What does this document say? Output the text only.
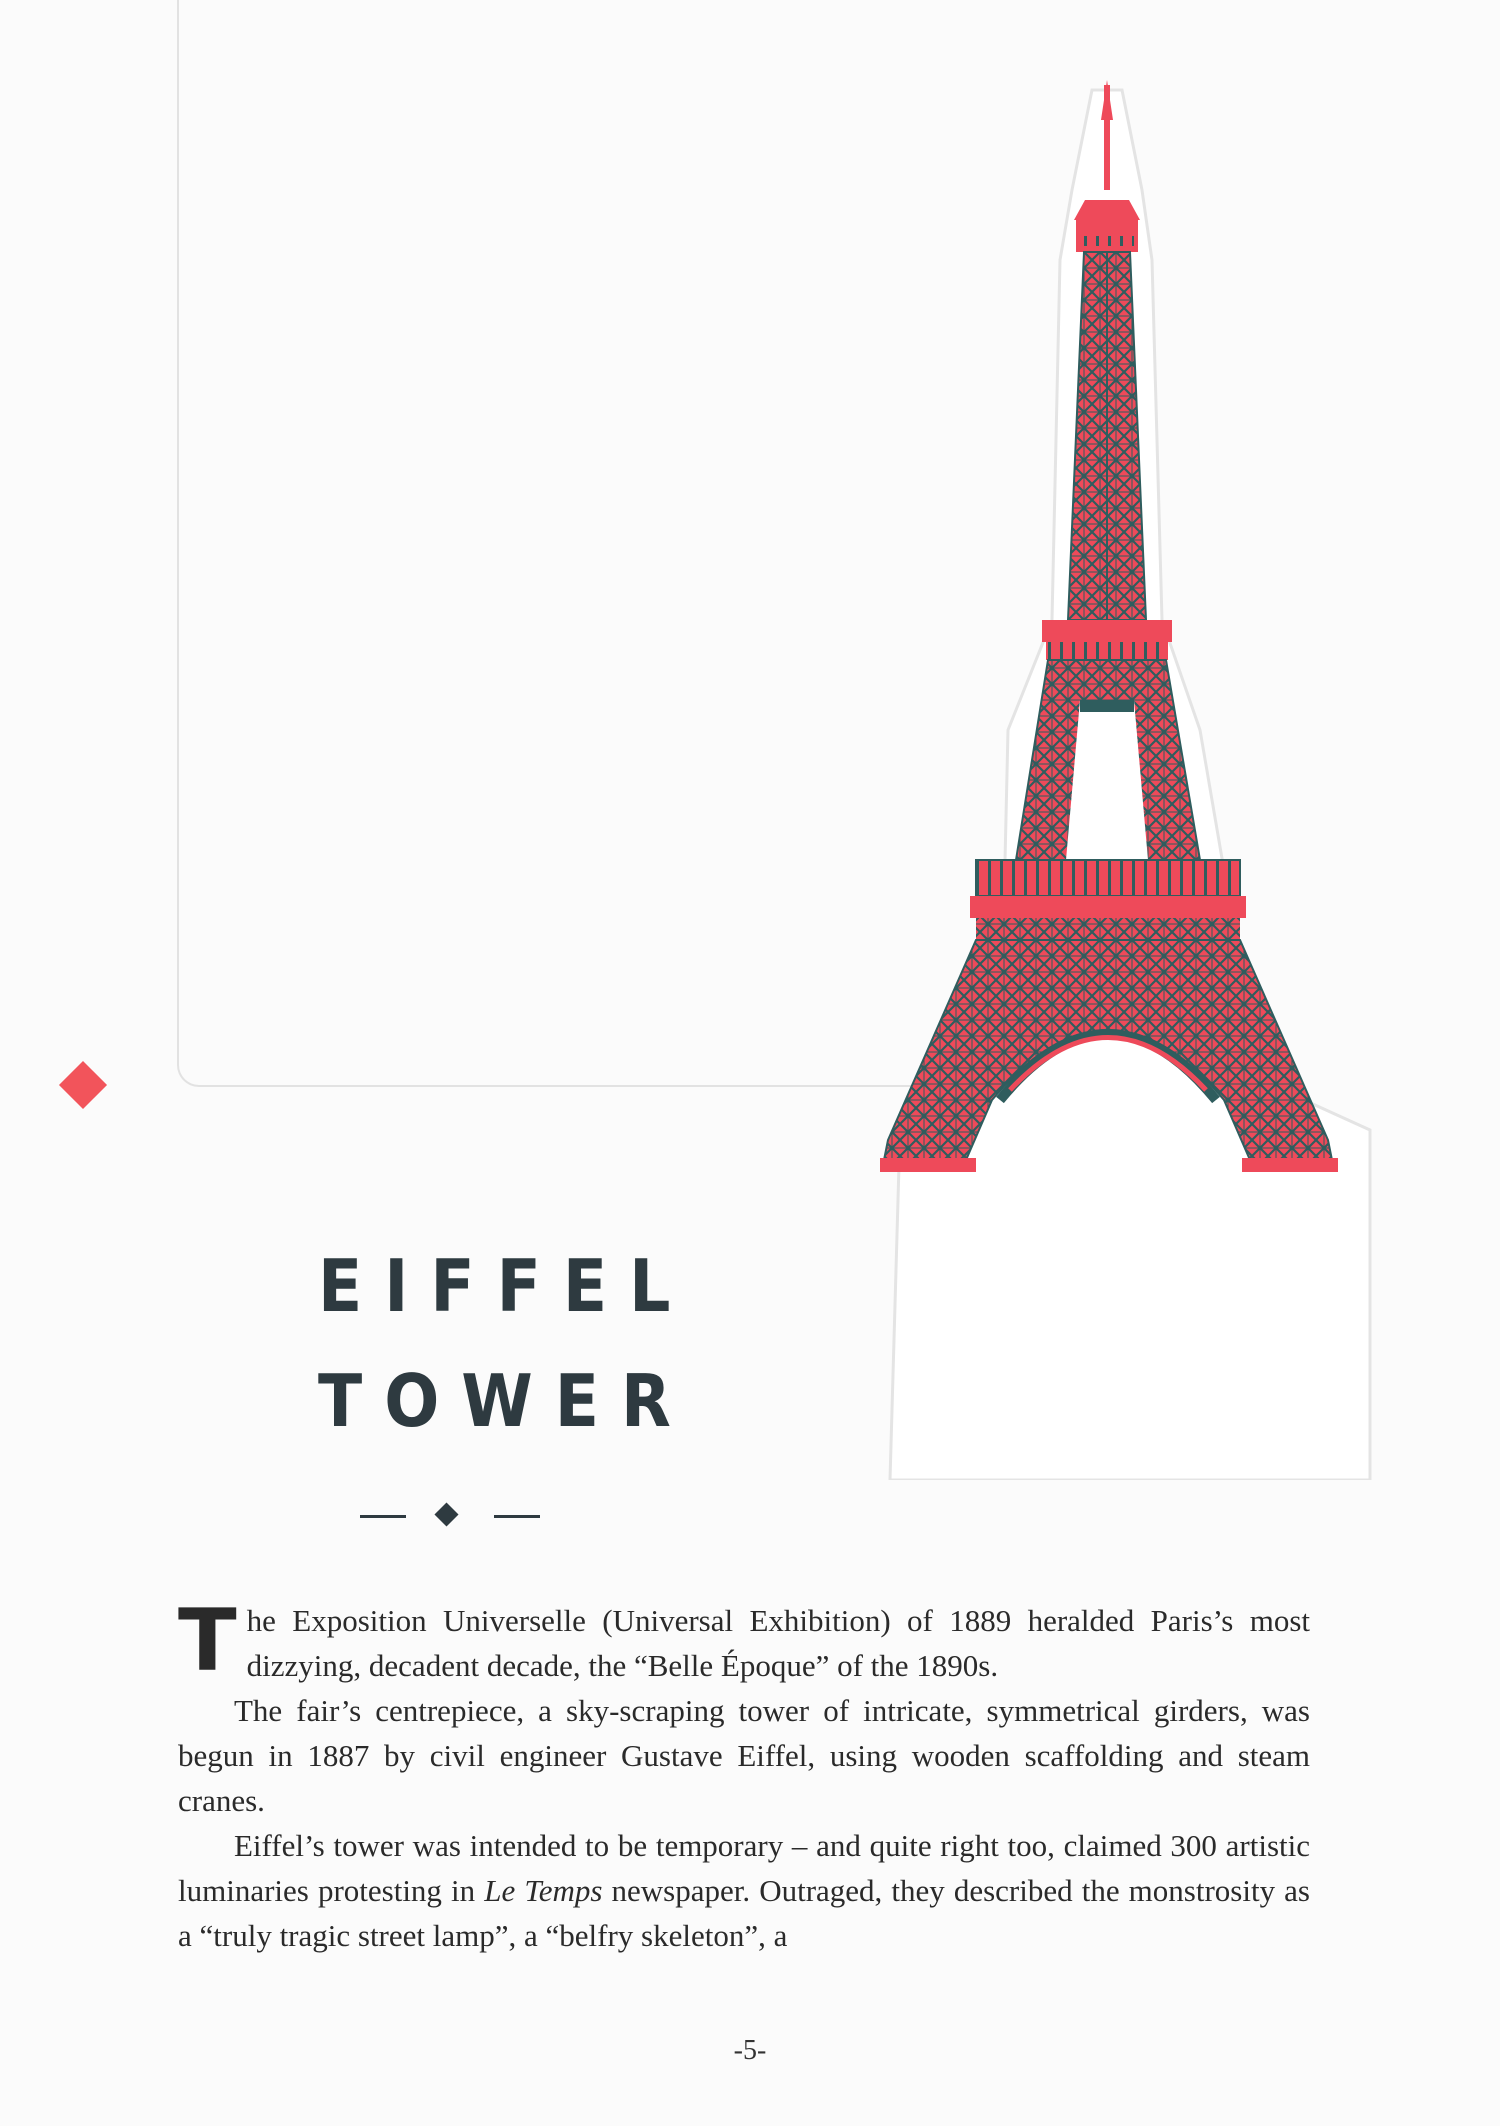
EIFFEL
TOWER

The Exposition Universelle (Universal Exhibition) of 1889 heralded Paris’s most dizzying, decadent decade, the “Belle Époque” of the 1890s.

The fair’s centrepiece, a sky-scraping tower of intricate, symmetrical girders, was begun in 1887 by civil engineer Gustave Eiffel, using wooden scaffolding and steam cranes.

Eiffel’s tower was intended to be temporary – and quite right too, claimed 300 artistic luminaries protesting in Le Temps newspaper. Outraged, they described the monstrosity as a “truly tragic street lamp”, a “belfry skeleton”, a

-5-
